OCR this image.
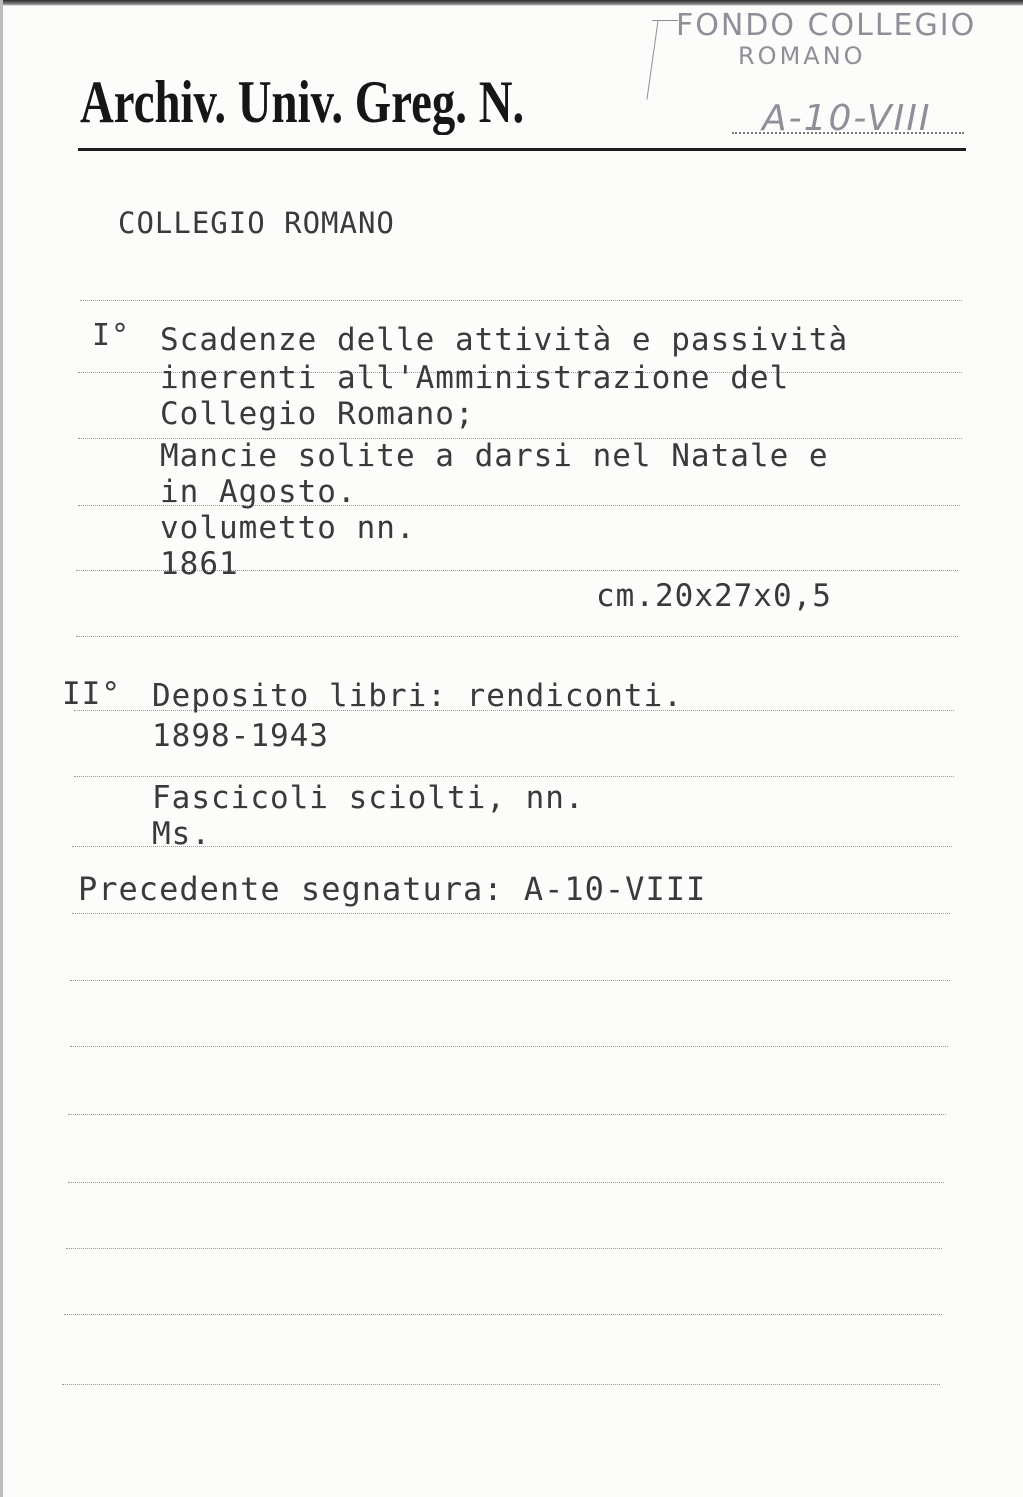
FONDO COLLEGIO
ROMANO
Archiv. Univ. Greg. N.	A-10-VIII
COLLEGIO ROMANO
I° Scadenze delle attività e passività
inerenti all'Amministrazione del
Collegio Romano;
Mancie solite a darsi nel Natale e
in Agosto.
volumetto nn.
1861
cm.20x27x0,5
II° Deposito libri: rendiconti.
1898-1943
Fascicoli sciolti, nn.
Ms.
Precedente segnatura: A-10-VIII
